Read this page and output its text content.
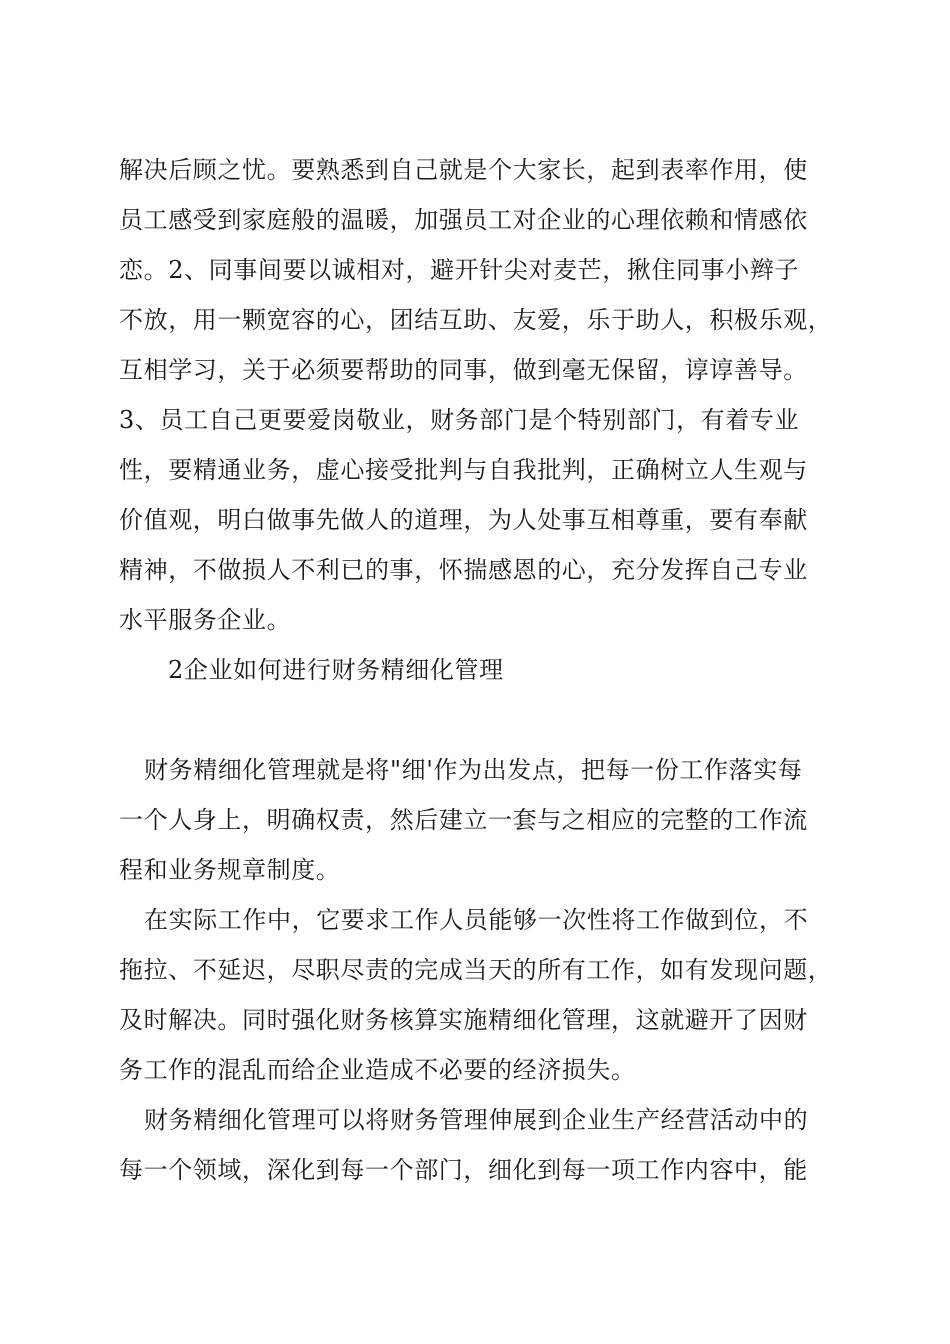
解决后顾之忧。要熟悉到自己就是个大家长，起到表率作用，使
员工感受到家庭般的温暖，加强员工对企业的心理依赖和情感依
恋。2、同事间要以诚相对，避开针尖对麦芒，揪住同事小辫子
不放，用一颗宽容的心，团结互助、友爱，乐于助人，积极乐观，
互相学习，关于必须要帮助的同事，做到毫无保留，谆谆善导。
3、员工自己更要爱岗敬业，财务部门是个特别部门，有着专业
性，要精通业务，虚心接受批判与自我批判，正确树立人生观与
价值观，明白做事先做人的道理，为人处事互相尊重，要有奉献
精神，不做损人不利已的事，怀揣感恩的心，充分发挥自己专业
水平服务企业。
2企业如何进行财务精细化管理
财务精细化管理就是将"细'作为出发点，把每一份工作落实每
一个人身上，明确权责，然后建立一套与之相应的完整的工作流
程和业务规章制度。
在实际工作中，它要求工作人员能够一次性将工作做到位，不
拖拉、不延迟，尽职尽责的完成当天的所有工作，如有发现问题，
及时解决。同时强化财务核算实施精细化管理，这就避开了因财
务工作的混乱而给企业造成不必要的经济损失。
财务精细化管理可以将财务管理伸展到企业生产经营活动中的
每一个领域，深化到每一个部门，细化到每一项工作内容中，能
